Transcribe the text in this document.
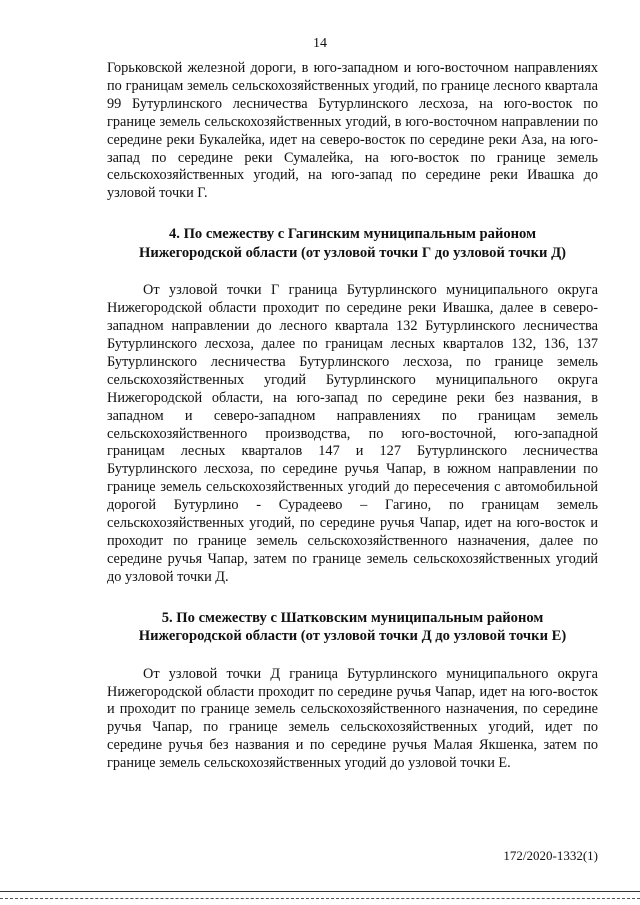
14

Горьковской железной дороги, в юго-западном и юго-восточном направлениях по границам земель сельскохозяйственных угодий, по границе лесного квартала 99 Бутурлинского лесничества Бутурлинского лесхоза, на юго-восток по границе земель сельскохозяйственных угодий, в юго-восточном направлении по середине реки Букалейка, идет на северо-восток по середине реки Аза, на юго-запад по середине реки Сумалейка, на юго-восток по границе земель сельскохозяйственных угодий, на юго-запад по середине реки Ивашка до узловой точки Г.

4. По смежеству с Гагинским муниципальным районом
Нижегородской области (от узловой точки Г до узловой точки Д)

От узловой точки Г граница Бутурлинского муниципального округа Нижегородской области проходит по середине реки Ивашка, далее в северо-западном направлении до лесного квартала 132 Бутурлинского лесничества Бутурлинского лесхоза, далее по границам лесных кварталов 132, 136, 137 Бутурлинского лесничества Бутурлинского лесхоза, по границе земель сельскохозяйственных угодий Бутурлинского муниципального округа Нижегородской области, на юго-запад по середине реки без названия, в западном и северо-западном направлениях по границам земель сельскохозяйственного производства, по юго-восточной, юго-западной границам лесных кварталов 147 и 127 Бутурлинского лесничества Бутурлинского лесхоза, по середине ручья Чапар, в южном направлении по границе земель сельскохозяйственных угодий до пересечения с автомобильной дорогой Бутурлино - Сурадеево – Гагино, по границам земель сельскохозяйственных угодий, по середине ручья Чапар, идет на юго-восток и проходит по границе земель сельскохозяйственного назначения, далее по середине ручья Чапар, затем по границе земель сельскохозяйственных угодий до узловой точки Д.

5. По смежеству с Шатковским муниципальным районом
Нижегородской области (от узловой точки Д до узловой точки Е)

От узловой точки Д граница Бутурлинского муниципального округа Нижегородской области проходит по середине ручья Чапар, идет на юго-восток и проходит по границе земель сельскохозяйственного назначения, по середине ручья Чапар, по границе земель сельскохозяйственных угодий, идет по середине ручья без названия и по середине ручья Малая Якшенка, затем по границе земель сельскохозяйственных угодий до узловой точки Е.

172/2020-1332(1)
